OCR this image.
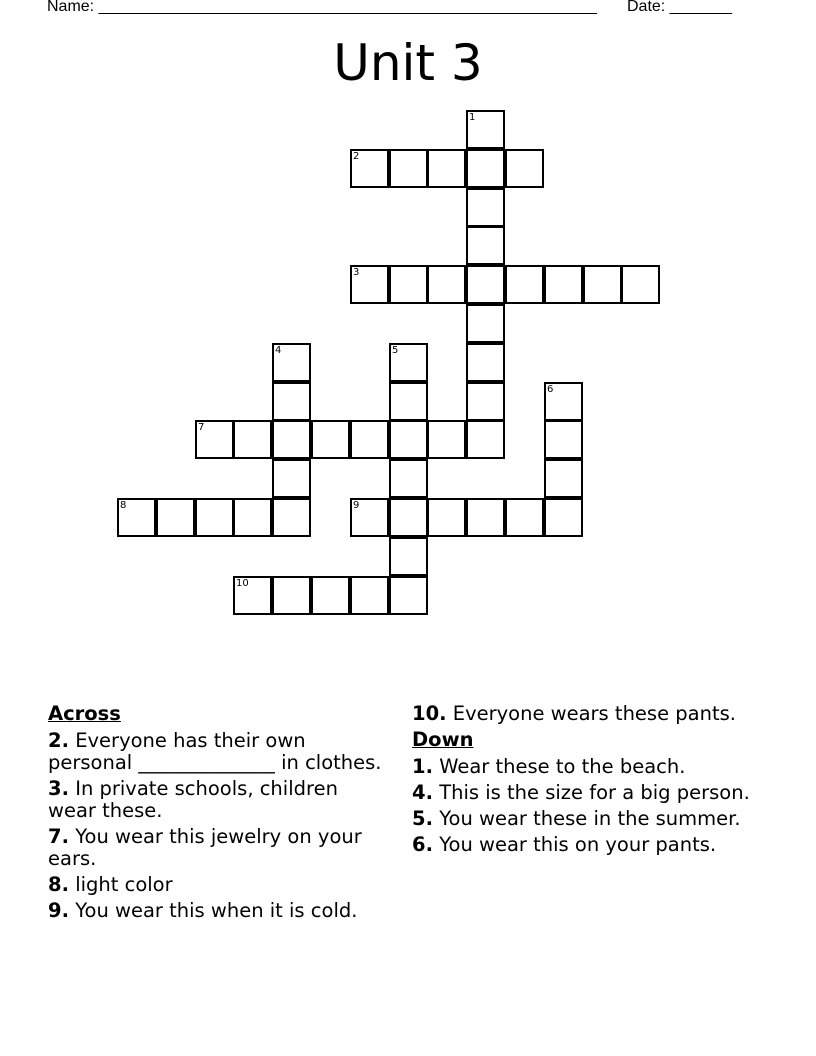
Name: ________________________________________________________ Date: _______
Unit 3
1
2
3
4	5
6
7
8	9
10
Across
2. Everyone has their own personal ______________ in clothes.
3. In private schools, children wear these.
7. You wear this jewelry on your ears.
8. light color
9. You wear this when it is cold.
10. Everyone wears these pants.
Down
1. Wear these to the beach.
4. This is the size for a big person.
5. You wear these in the summer.
6. You wear this on your pants.
